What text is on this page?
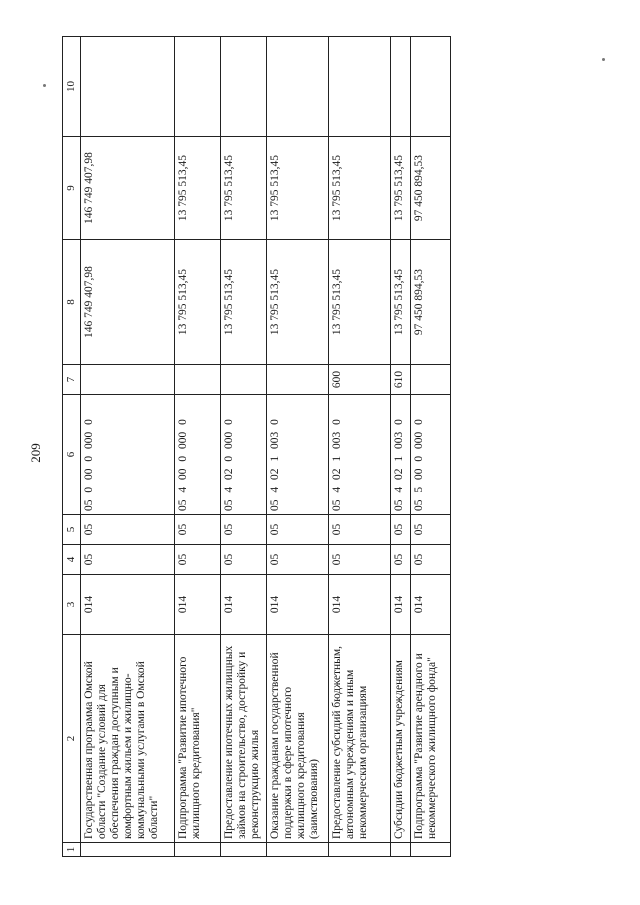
209
1	2	3	4	5	6	7	8	9	10
	Государственная программа Омской области "Создание условий для обеспечения граждан доступным и комфортным жильем и жилищно-коммунальными услугами в Омской области"	014	05	05	05 0 00 0 000 0		146 749 407,98	146 749 407,98	
	Подпрограмма "Развитие ипотечного жилищного кредитования"	014	05	05	05 4 00 0 000 0		13 795 513,45	13 795 513,45	
	Предоставление ипотечных жилищных займов на строительство, достройку и реконструкцию жилья	014	05	05	05 4 02 0 000 0		13 795 513,45	13 795 513,45	
	Оказание гражданам государственной поддержки в сфере ипотечного жилищного кредитования (заимствования)	014	05	05	05 4 02 1 003 0		13 795 513,45	13 795 513,45	
	Предоставление субсидий бюджетным, автономным учреждениям и иным некоммерческим организациям	014	05	05	05 4 02 1 003 0	600	13 795 513,45	13 795 513,45	
	Субсидии бюджетным учреждениям	014	05	05	05 4 02 1 003 0	610	13 795 513,45	13 795 513,45	
	Подпрограмма "Развитие арендного и некоммерческого жилищного фонда"	014	05	05	05 5 00 0 000 0		97 450 894,53	97 450 894,53	
